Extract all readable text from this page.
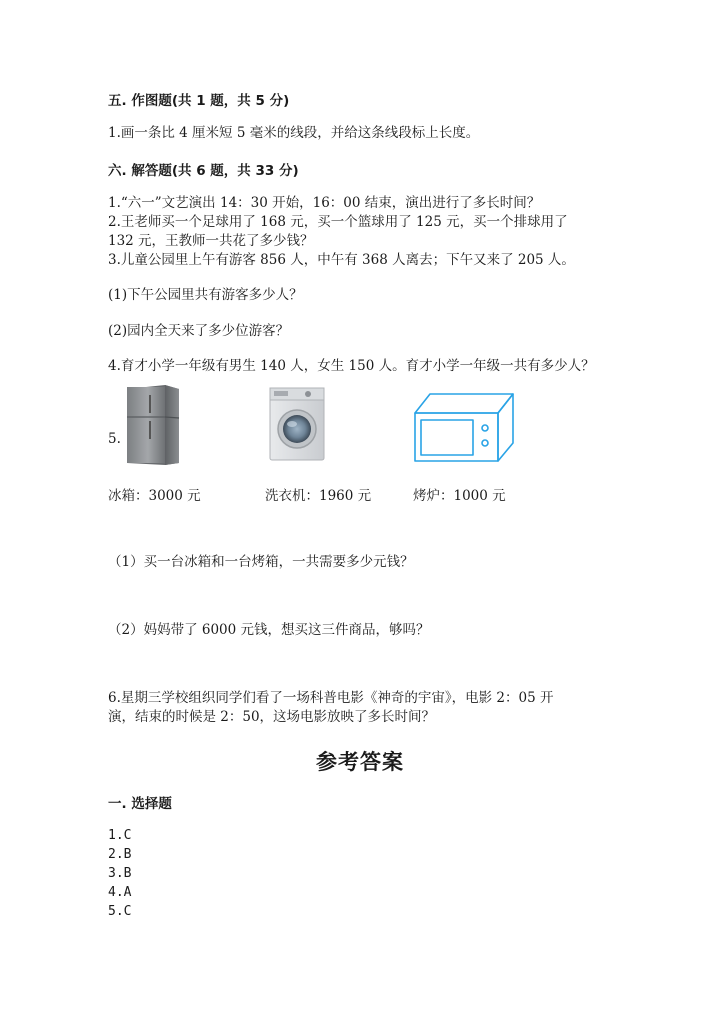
五. 作图题(共 1 题，共 5 分)
1.画一条比 4 厘米短 5 毫米的线段，并给这条线段标上长度。
六. 解答题(共 6 题，共 33 分)
1.“六一”文艺演出 14：30 开始，16：00 结束，演出进行了多长时间？
2.王老师买一个足球用了 168 元，买一个篮球用了 125 元，买一个排球用了
132 元，王教师一共花了多少钱？
3.儿童公园里上午有游客 856 人，中午有 368 人离去；下午又来了 205 人。
(1)下午公园里共有游客多少人？
(2)园内全天来了多少位游客？
4.育才小学一年级有男生 140 人，女生 150 人。育才小学一年级一共有多少人？
5.
冰箱：3000 元	洗衣机：1960 元	烤炉：1000 元
（1）买一台冰箱和一台烤箱，一共需要多少元钱？
（2）妈妈带了 6000 元钱，想买这三件商品，够吗？
6.星期三学校组织同学们看了一场科普电影《神奇的宇宙》，电影 2：05 开
演，结束的时候是 2：50，这场电影放映了多长时间？
参考答案
一. 选择题
1.C
2.B
3.B
4.A
5.C
